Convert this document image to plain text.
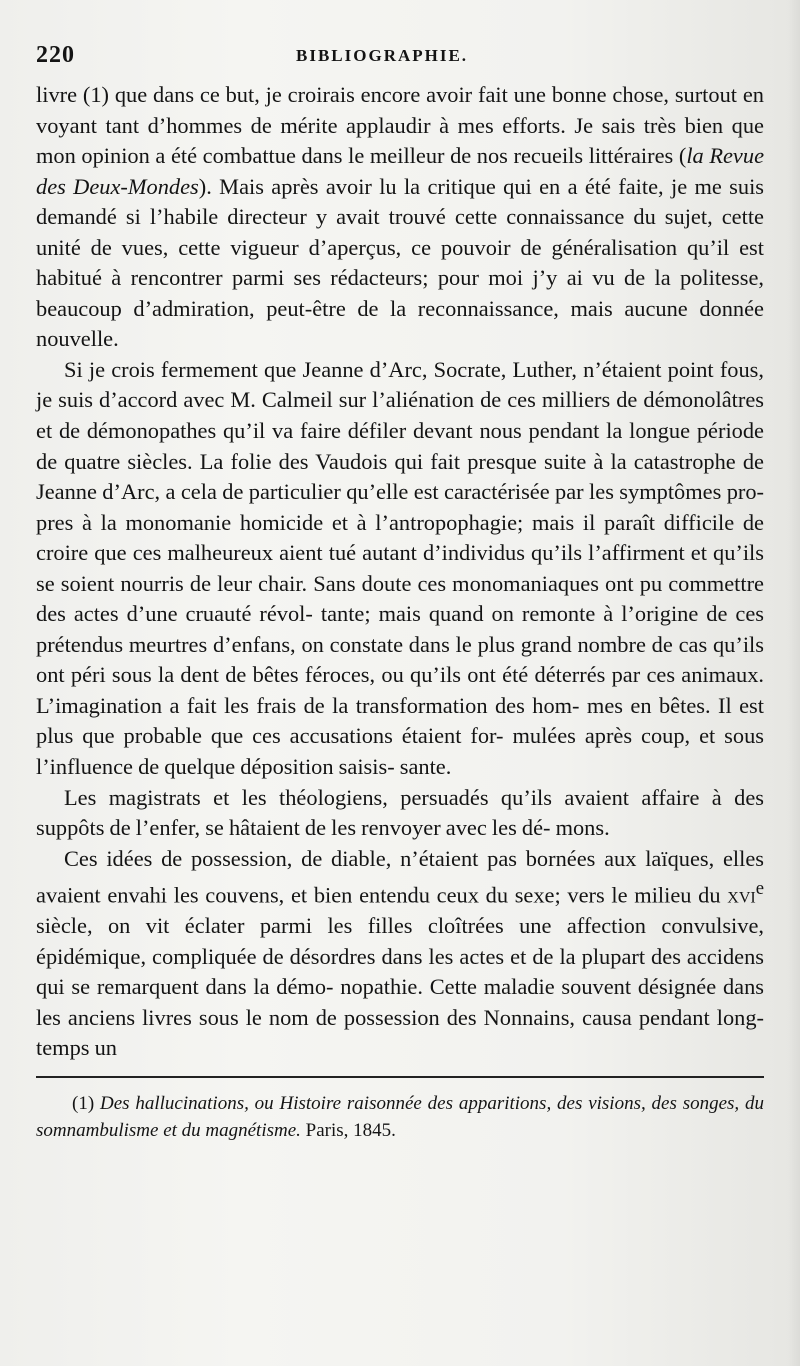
220	BIBLIOGRAPHIE.

livre (1) que dans ce but, je croirais encore avoir fait une bonne chose, surtout en voyant tant d’hommes de mérite applaudir à mes efforts. Je sais très bien que mon opinion a été combattue dans le meilleur de nos recueils littéraires (la Revue des Deux-Mondes). Mais après avoir lu la critique qui en a été faite, je me suis demandé si l’habile directeur y avait trouvé cette connaissance du sujet, cette unité de vues, cette vigueur d’aperçus, ce pouvoir de généralisation qu’il est habitué à rencontrer parmi ses rédacteurs; pour moi j’y ai vu de la politesse, beaucoup d’admiration, peut-être de la reconnaissance, mais aucune donnée nouvelle.

Si je crois fermement que Jeanne d’Arc, Socrate, Luther, n’étaient point fous, je suis d’accord avec M. Calmeil sur l’aliénation de ces milliers de démonolâtres et de démonopathes qu’il va faire défiler devant nous pendant la longue période de quatre siècles. La folie des Vaudois qui fait presque suite à la catastrophe de Jeanne d’Arc, a cela de particulier qu’elle est caractérisée par les symptômes pro- pres à la monomanie homicide et à l’antropophagie; mais il paraît difficile de croire que ces malheureux aient tué autant d’individus qu’ils l’affirment et qu’ils se soient nourris de leur chair. Sans doute ces monomaniaques ont pu commettre des actes d’une cruauté révol- tante; mais quand on remonte à l’origine de ces prétendus meurtres d’enfans, on constate dans le plus grand nombre de cas qu’ils ont péri sous la dent de bêtes féroces, ou qu’ils ont été déterrés par ces animaux. L’imagination a fait les frais de la transformation des hom- mes en bêtes. Il est plus que probable que ces accusations étaient for- mulées après coup, et sous l’influence de quelque déposition saisis- sante.

Les magistrats et les théologiens, persuadés qu’ils avaient affaire à des suppôts de l’enfer, se hâtaient de les renvoyer avec les dé- mons.

Ces idées de possession, de diable, n’étaient pas bornées aux laïques, elles avaient envahi les couvens, et bien entendu ceux du sexe; vers le milieu du xvi$^e$ siècle, on vit éclater parmi les filles cloîtrées une affection convulsive, épidémique, compliquée de désordres dans les actes et de la plupart des accidens qui se remarquent dans la démo- nopathie. Cette maladie souvent désignée dans les anciens livres sous le nom de possession des Nonnains, causa pendant long-temps un

(1) Des hallucinations, ou Histoire raisonnée des apparitions, des visions, des songes, du somnambulisme et du magnétisme. Paris, 1845.
